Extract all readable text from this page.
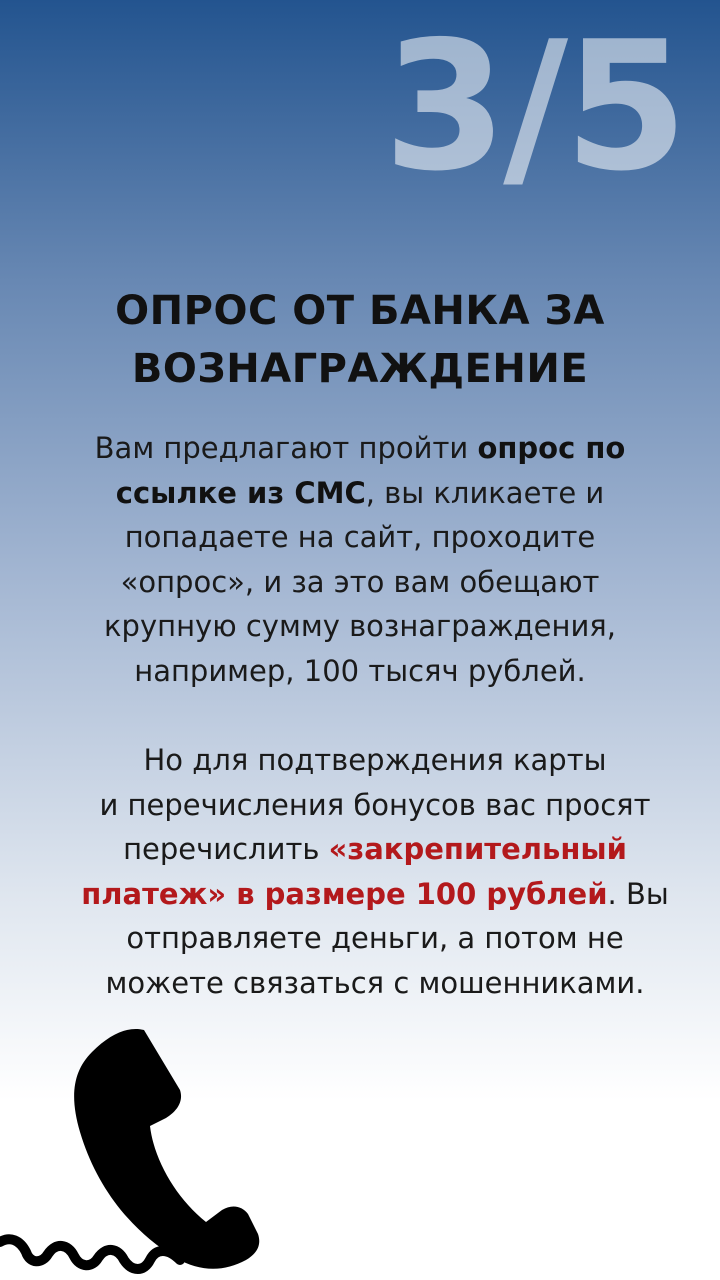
3/5
ОПРОС ОТ БАНКА ЗА
ВОЗНАГРАЖДЕНИЕ

Вам предлагают пройти опрос по ссылке из СМС, вы кликаете и попадаете на сайт, проходите «опрос», и за это вам обещают крупную сумму вознаграждения, например, 100 тысяч рублей.

Но для подтверждения карты
и перечисления бонусов вас просят перечислить «закрепительный платеж» в размере 100 рублей. Вы отправляете деньги, а потом не можете связаться с мошенниками.
